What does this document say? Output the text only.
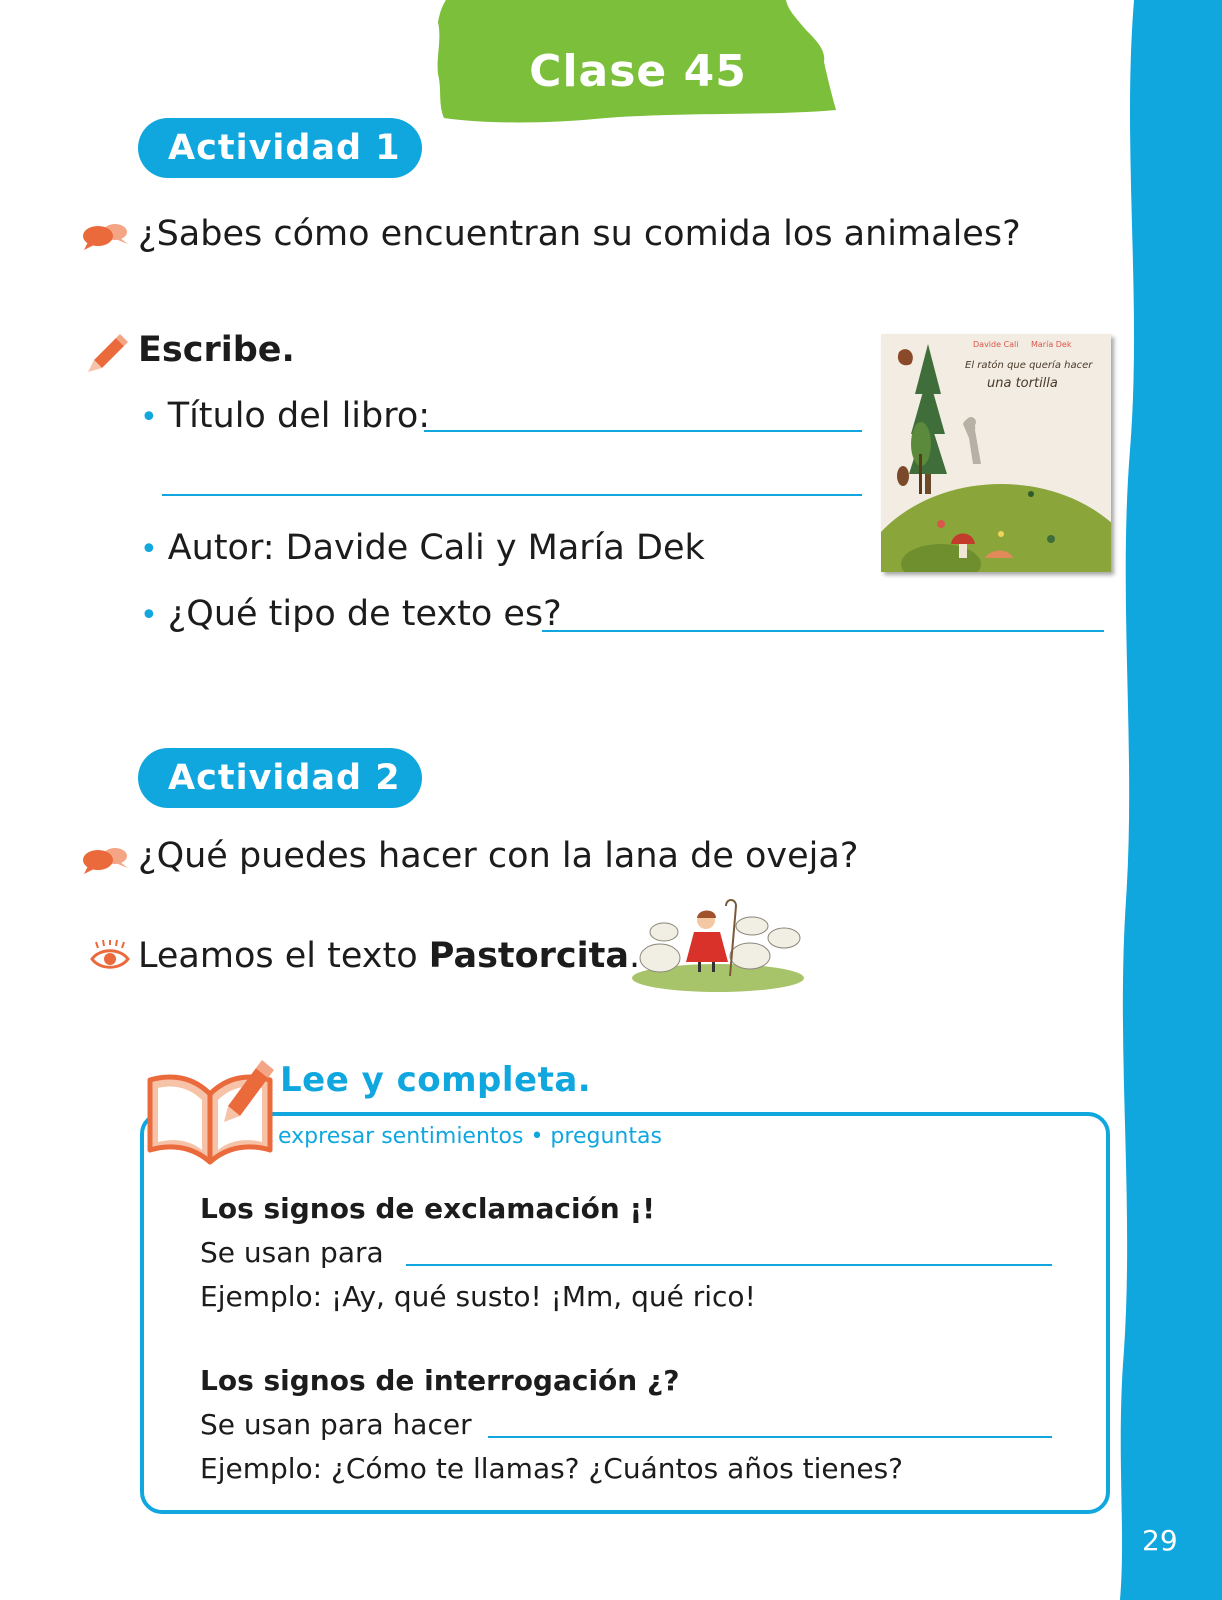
29
Clase 45
Actividad 1
¿Sabes cómo encuentran su comida los animales?
Escribe.
• Título del libro:
• Autor: Davide Cali y María Dek
• ¿Qué tipo de texto es?
Davide Cali María Dek
El ratón que quería hacer
una tortilla
Actividad 2
¿Qué puedes hacer con la lana de oveja?
Leamos el texto Pastorcita.
Lee y completa.
expresar sentimientos • preguntas
Los signos de exclamación ¡!
Se usan para
Ejemplo: ¡Ay, qué susto! ¡Mm, qué rico!
Los signos de interrogación ¿?
Se usan para hacer
Ejemplo: ¿Cómo te llamas? ¿Cuántos años tienes?
